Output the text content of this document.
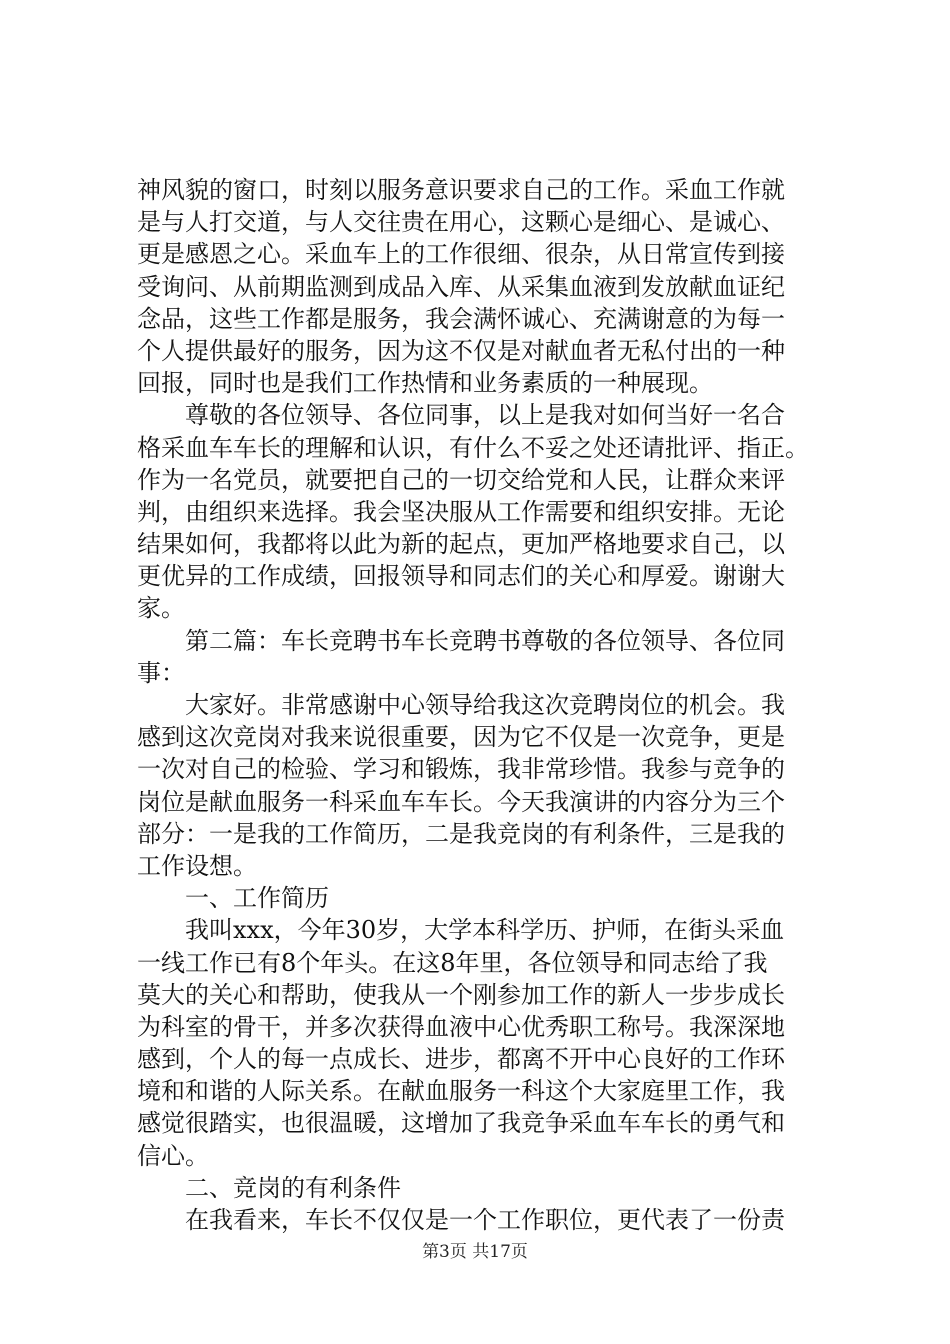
神风貌的窗口，时刻以服务意识要求自己的工作。采血工作就
是与人打交道，与人交往贵在用心，这颗心是细心、是诚心、
更是感恩之心。采血车上的工作很细、很杂，从日常宣传到接
受询问、从前期监测到成品入库、从采集血液到发放献血证纪
念品，这些工作都是服务，我会满怀诚心、充满谢意的为每一
个人提供最好的服务，因为这不仅是对献血者无私付出的一种
回报，同时也是我们工作热情和业务素质的一种展现。
尊敬的各位领导、各位同事，以上是我对如何当好一名合
格采血车车长的理解和认识，有什么不妥之处还请批评、指正。
作为一名党员，就要把自己的一切交给党和人民，让群众来评
判，由组织来选择。我会坚决服从工作需要和组织安排。无论
结果如何，我都将以此为新的起点，更加严格地要求自己，以
更优异的工作成绩，回报领导和同志们的关心和厚爱。谢谢大
家。
第二篇：车长竞聘书车长竞聘书尊敬的各位领导、各位同
事：
大家好。非常感谢中心领导给我这次竞聘岗位的机会。我
感到这次竞岗对我来说很重要，因为它不仅是一次竞争，更是
一次对自己的检验、学习和锻炼，我非常珍惜。我参与竞争的
岗位是献血服务一科采血车车长。今天我演讲的内容分为三个
部分：一是我的工作简历，二是我竞岗的有利条件，三是我的
工作设想。
一、工作简历
我叫xxx，今年30岁，大学本科学历、护师，在街头采血
一线工作已有8个年头。在这8年里，各位领导和同志给了我
莫大的关心和帮助，使我从一个刚参加工作的新人一步步成长
为科室的骨干，并多次获得血液中心优秀职工称号。我深深地
感到，个人的每一点成长、进步，都离不开中心良好的工作环
境和和谐的人际关系。在献血服务一科这个大家庭里工作，我
感觉很踏实，也很温暖，这增加了我竞争采血车车长的勇气和
信心。
二、竞岗的有利条件
在我看来，车长不仅仅是一个工作职位，更代表了一份责
第3页 共17页
